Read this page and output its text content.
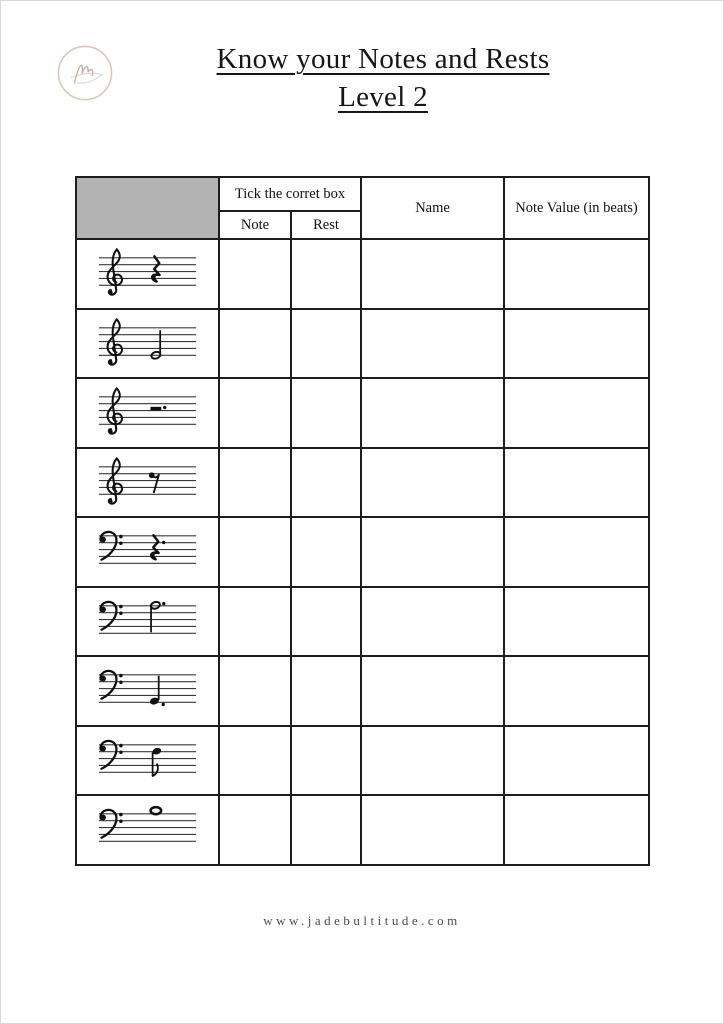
Know your Notes and Rests
Level 2
	Tick the corret box		Name	Note Value (in beats)
	Note	Rest		

www.jadebultitude.com
